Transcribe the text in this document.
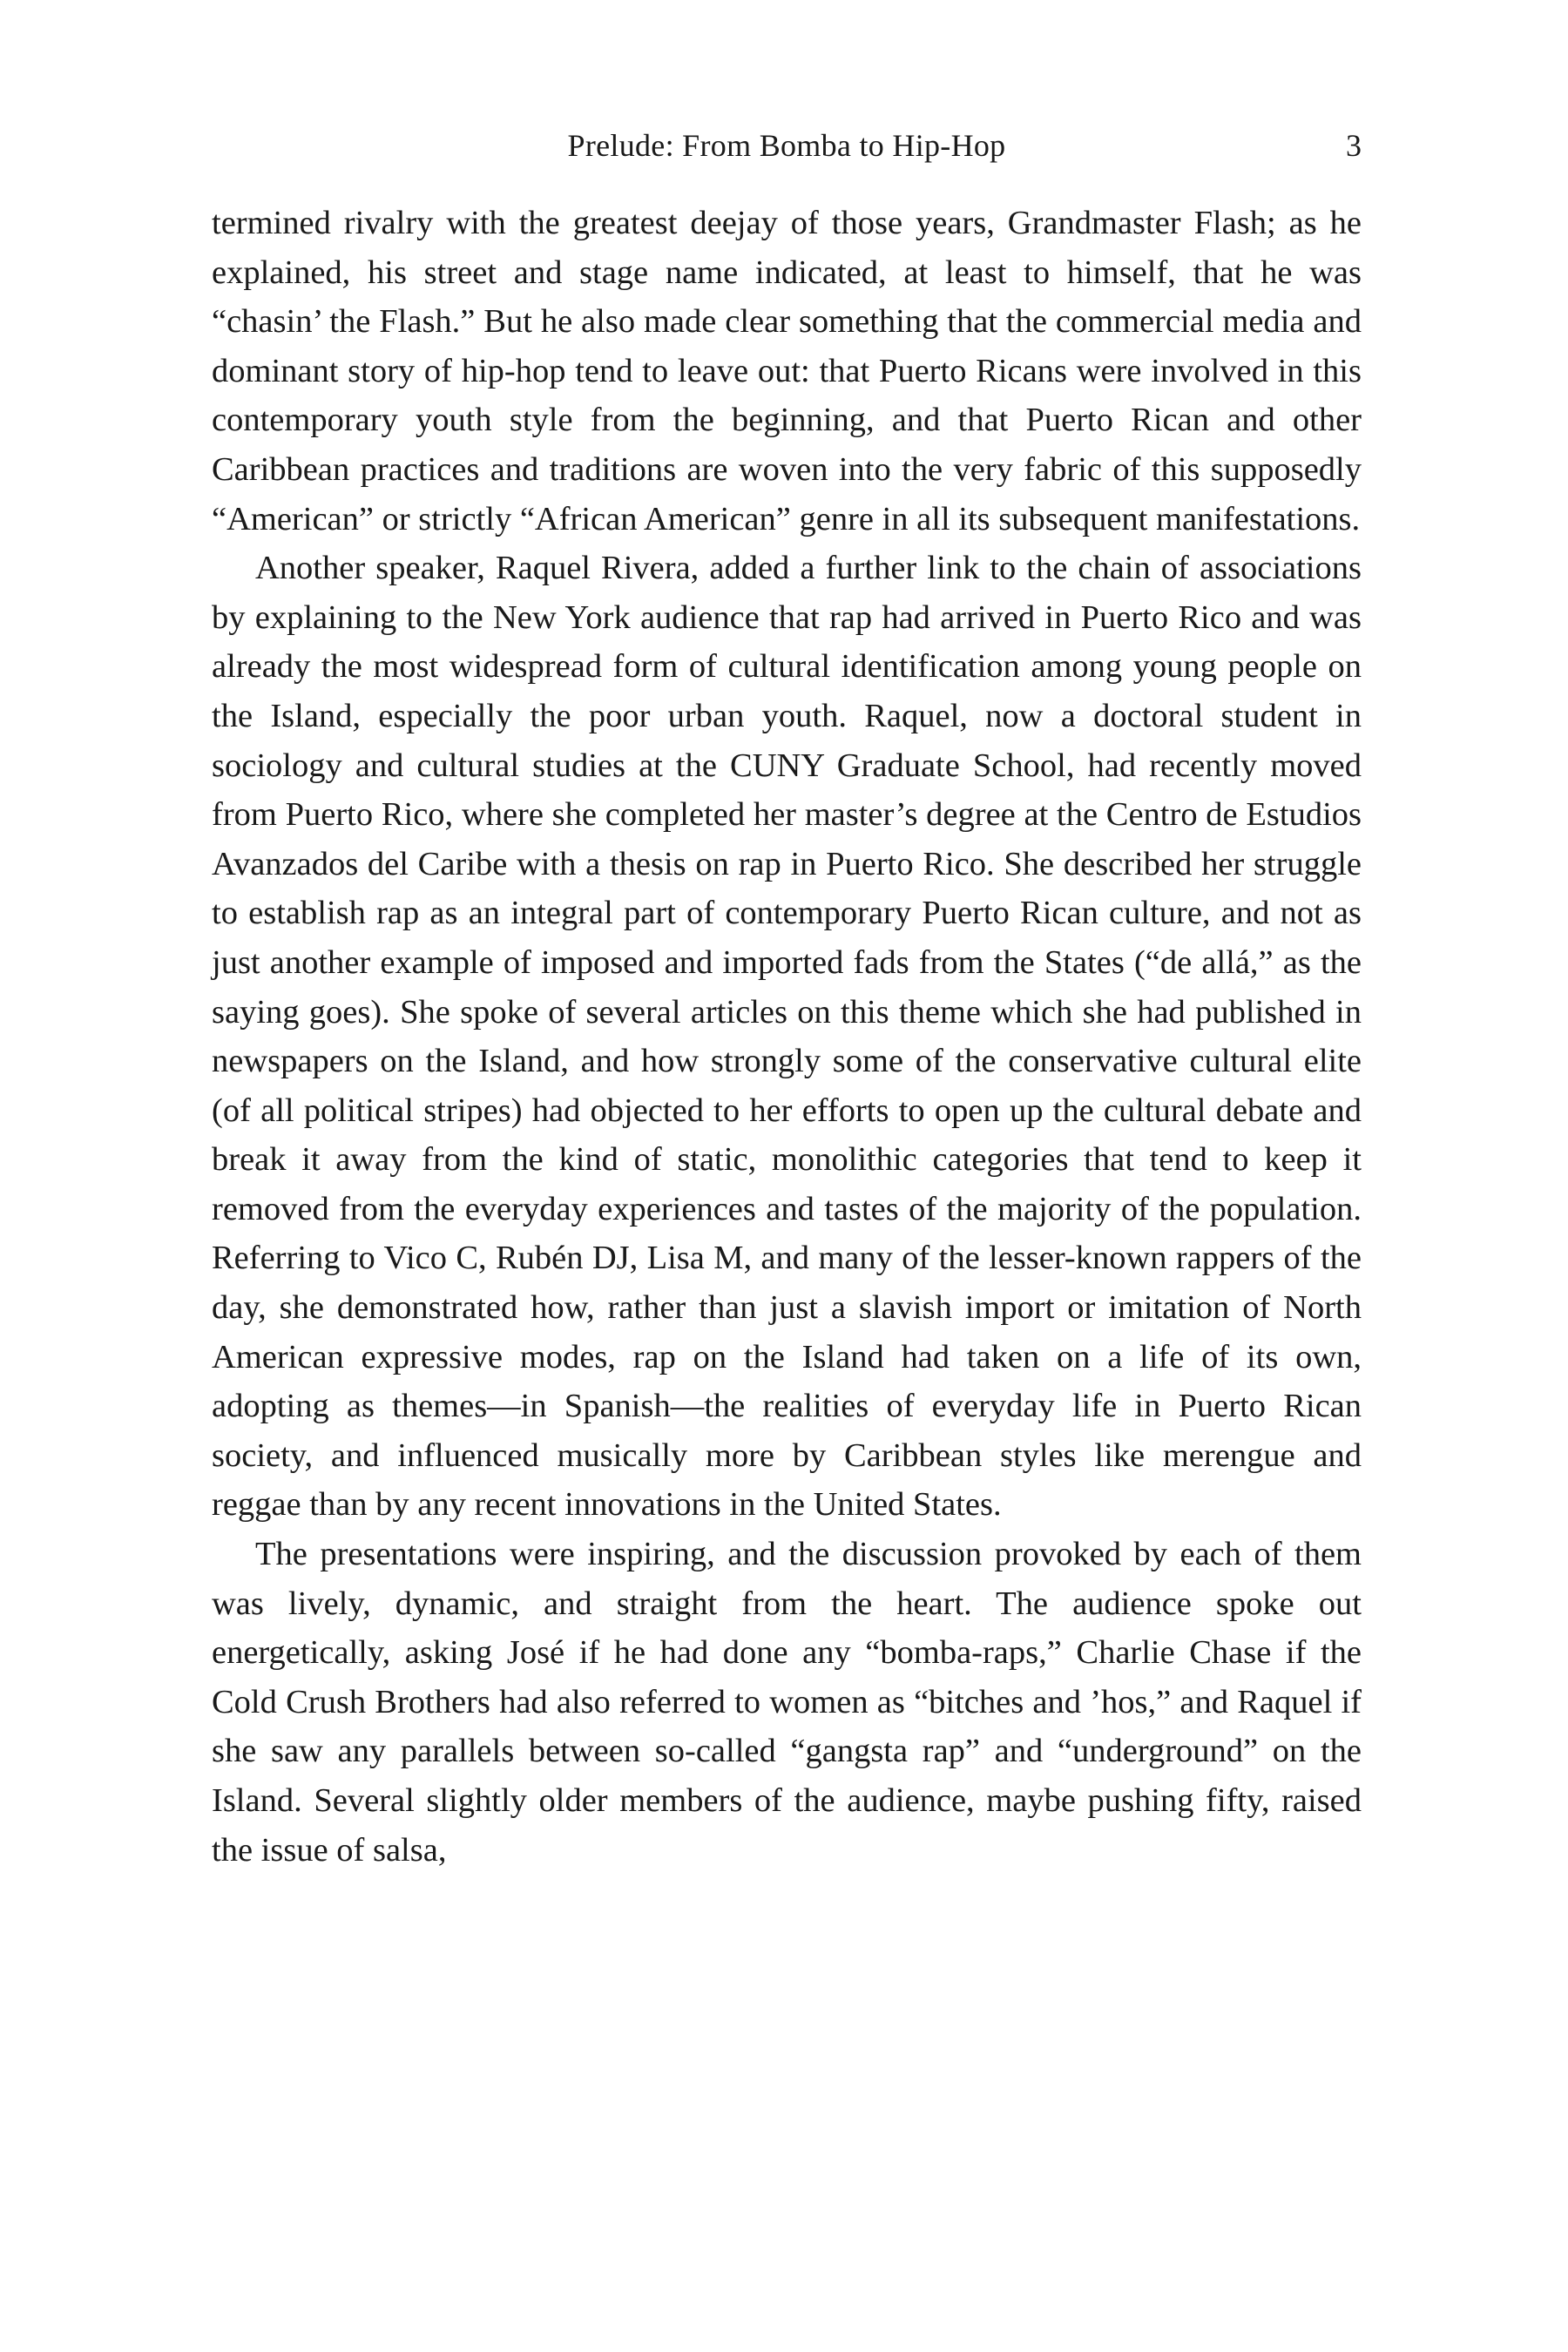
Prelude: From Bomba to Hip-Hop	3

termined rivalry with the greatest deejay of those years, Grandmaster Flash; as he explained, his street and stage name indicated, at least to himself, that he was “chasin’ the Flash.” But he also made clear something that the commercial media and dominant story of hip-hop tend to leave out: that Puerto Ricans were involved in this contemporary youth style from the beginning, and that Puerto Rican and other Caribbean practices and traditions are woven into the very fabric of this supposedly “American” or strictly “African American” genre in all its subsequent manifestations.

Another speaker, Raquel Rivera, added a further link to the chain of associations by explaining to the New York audience that rap had arrived in Puerto Rico and was already the most widespread form of cultural identification among young people on the Island, especially the poor urban youth. Raquel, now a doctoral student in sociology and cultural studies at the CUNY Graduate School, had recently moved from Puerto Rico, where she completed her master’s degree at the Centro de Estudios Avanzados del Caribe with a thesis on rap in Puerto Rico. She described her struggle to establish rap as an integral part of contemporary Puerto Rican culture, and not as just another example of imposed and imported fads from the States (“de allá,” as the saying goes). She spoke of several articles on this theme which she had published in newspapers on the Island, and how strongly some of the conservative cultural elite (of all political stripes) had objected to her efforts to open up the cultural debate and break it away from the kind of static, monolithic categories that tend to keep it removed from the everyday experiences and tastes of the majority of the population. Referring to Vico C, Rubén DJ, Lisa M, and many of the lesser-known rappers of the day, she demonstrated how, rather than just a slavish import or imitation of North American expressive modes, rap on the Island had taken on a life of its own, adopting as themes—in Spanish—the realities of everyday life in Puerto Rican society, and influenced musically more by Caribbean styles like merengue and reggae than by any recent innovations in the United States.

The presentations were inspiring, and the discussion provoked by each of them was lively, dynamic, and straight from the heart. The audience spoke out energetically, asking José if he had done any “bomba-raps,” Charlie Chase if the Cold Crush Brothers had also referred to women as “bitches and ’hos,” and Raquel if she saw any parallels between so-called “gangsta rap” and “underground” on the Island. Several slightly older members of the audience, maybe pushing fifty, raised the issue of salsa,
